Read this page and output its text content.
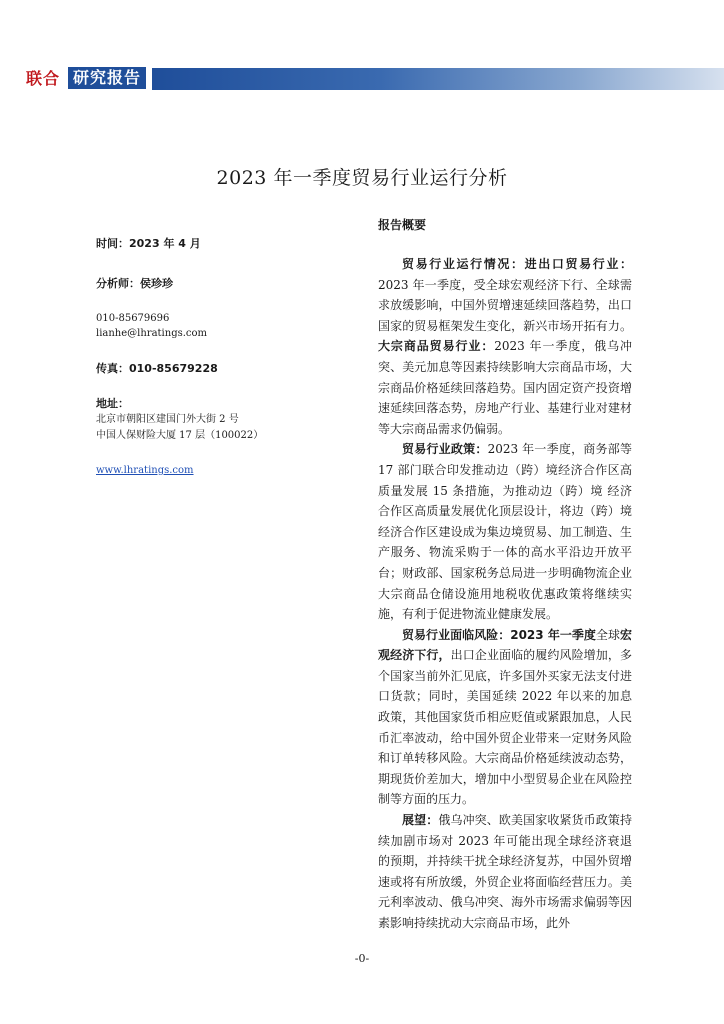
联合 研究报告
2023 年一季度贸易行业运行分析
时间：2023 年 4 月
分析师：侯珍珍
010-85679696
lianhe@lhratings.com
传真：010-85679228
地址：
北京市朝阳区建国门外大街 2 号
中国人保财险大厦 17 层（100022）
www.lhratings.com
报告概要

贸易行业运行情况：进出口贸易行业：2023 年一季度，受全球宏观经济下行、全球需求放缓影响，中国外贸增速延续回落趋势，出口国家的贸易框架发生变化，新兴市场开拓有力。大宗商品贸易行业：2023 年一季度，俄乌冲突、美元加息等因素持续影响大宗商品市场，大宗商品价格延续回落趋势。国内固定资产投资增速延续回落态势，房地产行业、基建行业对建材等大宗商品需求仍偏弱。

贸易行业政策：2023 年一季度，商务部等 17 部门联合印发推动边（跨）境经济合作区高质量发展 15 条措施，为推动边（跨）境 经济合作区高质量发展优化顶层设计，将边（跨）境经济合作区建设成为集边境贸易、加工制造、生产服务、物流采购于一体的高水平沿边开放平台；财政部、国家税务总局进一步明确物流企业大宗商品仓储设施用地税收优惠政策将继续实施，有利于促进物流业健康发展。

贸易行业面临风险：2023 年一季度全球宏观经济下行，出口企业面临的履约风险增加，多个国家当前外汇见底，许多国外买家无法支付进口货款；同时，美国延续 2022 年以来的加息政策，其他国家货币相应贬值或紧跟加息，人民币汇率波动，给中国外贸企业带来一定财务风险和订单转移风险。大宗商品价格延续波动态势，期现货价差加大，增加中小型贸易企业在风险控制等方面的压力。

展望：俄乌冲突、欧美国家收紧货币政策持续加剧市场对 2023 年可能出现全球经济衰退的预期，并持续干扰全球经济复苏，中国外贸增速或将有所放缓，外贸企业将面临经营压力。美元利率波动、俄乌冲突、海外市场需求偏弱等因素影响持续扰动大宗商品市场，此外

-0-
